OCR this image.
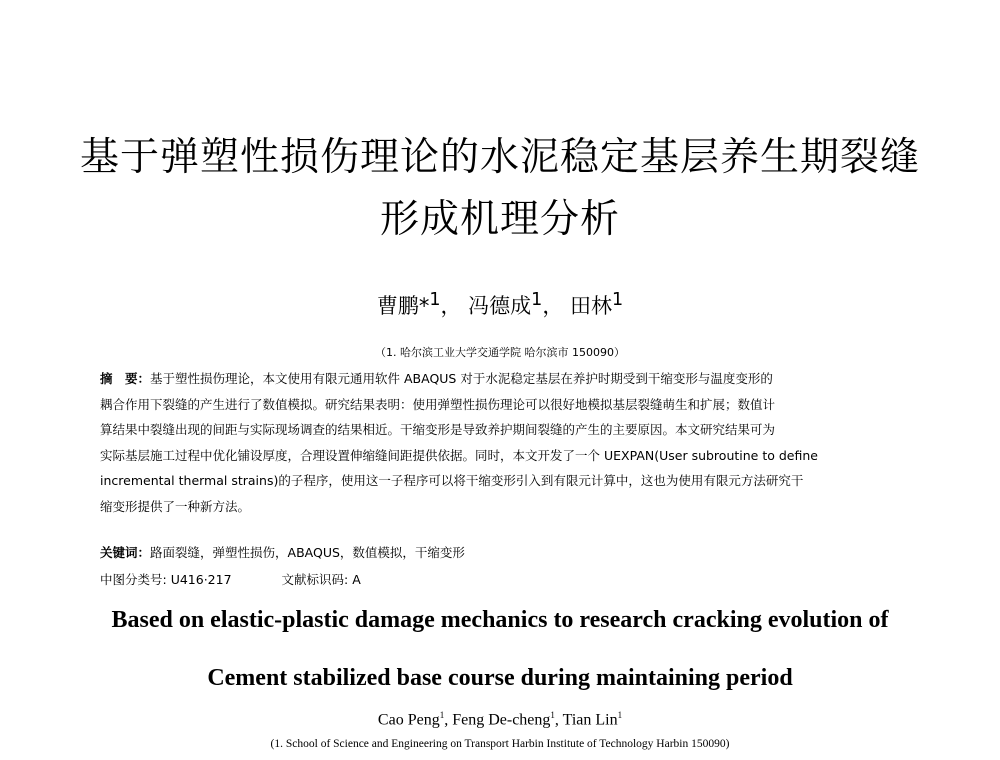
基于弹塑性损伤理论的水泥稳定基层养生期裂缝
形成机理分析
曹鹏*$^1$， 冯德成$^1$， 田林$^1$
（1. 哈尔滨工业大学交通学院 哈尔滨市 150090）
摘　要：基于塑性损伤理论，本文使用有限元通用软件 ABAQUS 对于水泥稳定基层在养护时期受到干缩变形与温度变形的
耦合作用下裂缝的产生进行了数值模拟。研究结果表明：使用弹塑性损伤理论可以很好地模拟基层裂缝萌生和扩展；数值计
算结果中裂缝出现的间距与实际现场调查的结果相近。干缩变形是导致养护期间裂缝的产生的主要原因。本文研究结果可为
实际基层施工过程中优化铺设厚度，合理设置伸缩缝间距提供依据。同时，本文开发了一个 UEXPAN(User subroutine to define
incremental thermal strains)的子程序，使用这一子程序可以将干缩变形引入到有限元计算中，这也为使用有限元方法研究干
缩变形提供了一种新方法。
关键词：路面裂缝，弹塑性损伤，ABAQUS，数值模拟，干缩变形
中图分类号: U416·217	文献标识码: A
Based on elastic-plastic damage mechanics to research cracking evolution of
Cement stabilized base course during maintaining period
Cao Peng$^1$, Feng De-cheng$^1$, Tian Lin$^1$
(1. School of Science and Engineering on Transport Harbin Institute of Technology Harbin 150090)
